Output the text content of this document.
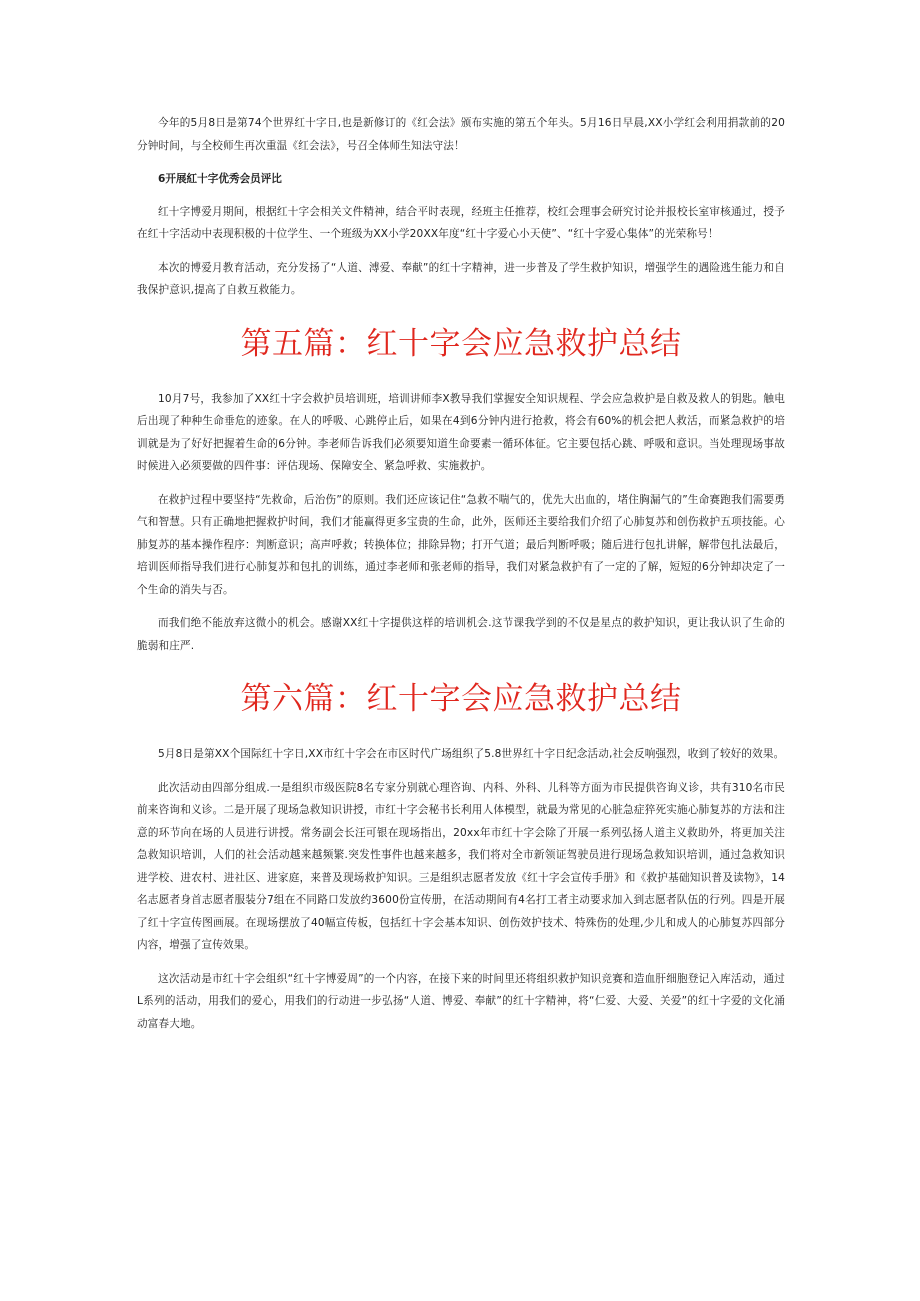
今年的5月8日是第74个世界红十字日,也是新修订的《红会法》颁布实施的第五个年头。5月16日早晨,XX小学红会利用捐款前的20分钟时间，与全校师生再次重温《红会法》，号召全体师生知法守法！

6开展紅十字优秀会员评比

红十字博爱月期间，根据红十字会相关文件精神，结合平时表现，经班主任推荐，校红会理事会研究讨论并报校长室审核通过，授予在红十字活动中表现积极的十位学生、一个班级为XX小学20XX年度“红十字爱心小天使”、“红十字爱心集体”的光荣称号！

本次的博爱月教育活动，充分发扬了“人道、溥爱、奉献”的红十字精神，进一步普及了学生救护知识，增强学生的遇险逃生能力和自我保护意识,提高了自救互救能力。

第五篇：红十字会应急救护总结

10月7号，我参加了XX红十字会救护员培训班，培训讲师李X教导我们掌握安全知识规程、学会应急救护是自救及救人的钥匙。触电后出现了种种生命垂危的迹象。在人的呼吸、心跳停止后，如果在4到6分钟内进行抢救，将会有60%的机会把人救活，而紧急救护的培训就是为了好好把握着生命的6分钟。李老师告诉我们必须要知道生命要素一循环体征。它主要包括心跳、呼吸和意识。当处理现场事故时候进入必须要做的四件事：评估现场、保障安全、紧急呼救、实施救护。

在救护过程中要坚持“先救命，后治伤”的原则。我们还应该记住“急救不喘气的，优先大出血的，堵住胸漏气的”生命赛跑我们需要勇气和智慧。只有正确地把握救护时间，我们才能赢得更多宝贵的生命，此外，医师还主要给我们介绍了心肺复苏和创伤救护五项技能。心肺复苏的基本操作程序：判断意识；高声呼救；转换体位；排除异物；打开气道；最后判断呼吸；随后进行包扎讲解，解带包扎法最后，培训医师指导我们进行心肺复苏和包扎的训练，通过李老师和张老师的指导，我们对紧急救护有了一定的了解，短短的6分钟却决定了一个生命的消失与否。

而我们绝不能放弃这微小的机会。感谢XX红十字提供这样的培训机会.这节课我学到的不仅是星点的救护知识，更让我认识了生命的脆弱和庄严.

第六篇：红十字会应急救护总结

5月8日是第XX个国际红十字日,XX市红十字会在市区时代广场组织了5.8世界红十字日纪念活动,社会反响强烈，收到了较好的效果。

此次活动由四部分组成.一是组织市级医院8名专家分别就心理咨询、内科、外科、儿科等方面为市民提供咨询义诊，共有310名市民前来咨询和义诊。二是开展了现场急救知识讲授，市红十字会秘书长利用人体模型，就最为常见的心脏急症猝死实施心肺复苏的方法和注意的环节向在场的人员进行讲授。常务副会长汪可银在现场指出，20xx年市红十字会除了开展一系列弘扬人道主义救助外，将更加关注急救知识培训，人们的社会活动越来越频繁.突发性事件也越来越多，我们将对全市新领证驾驶员进行现场急救知识培训，通过急救知识进学校、进农村、进社区、进家庭，来普及现场救护知识。三是组织志愿者发放《红十字会宣传手册》和《救护基础知识普及读物》，14名志愿者身首志愿者服装分7组在不同路口发放约3600份宣传册，在活动期间有4名打工者主动要求加入到志愿者队伍的行列。四是开展了红十字宣传图画展。在现场摆放了40幅宣传板，包括红十字会基本知识、创伤效护技术、特殊伤的处理,少儿和成人的心肺复苏四部分内容，增强了宣传效果。

这次活动是市红十字会组织“红十字博爱周”的一个内容，在接下来的时间里还将组织救护知识竞赛和造血肝细胞登记入库活动，通过L系列的活动，用我们的爱心，用我们的行动进一步弘扬“人道、博爱、奉献”的红十字精神，将“仁爱、大爱、关爱”的红十字爱的文化涌动富春大地。
